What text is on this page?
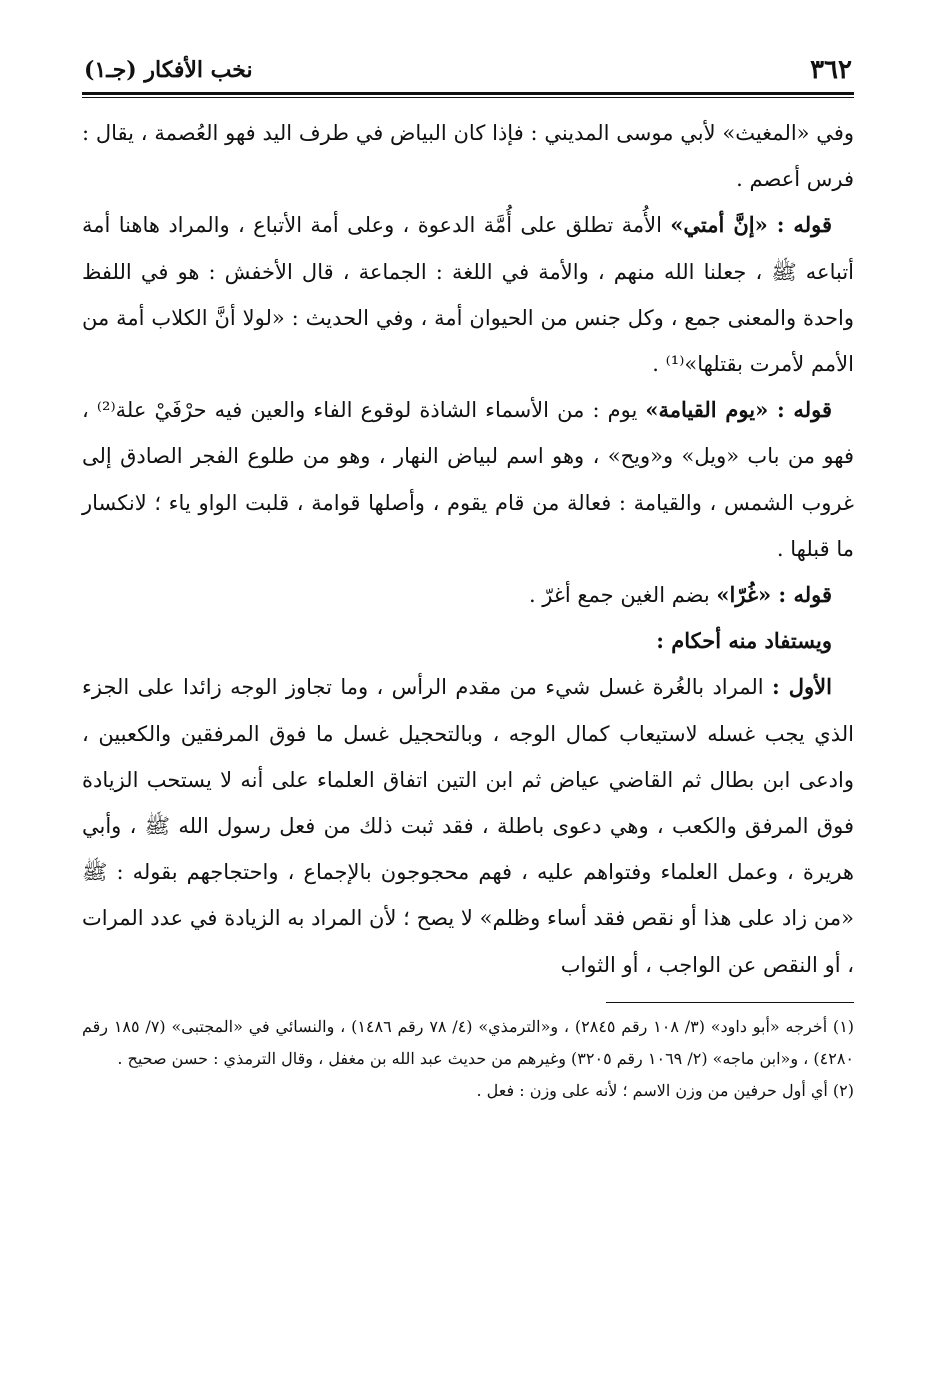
٣٦٢
نخب الأفكار (جـ١)

وفي «المغيث» لأبي موسى المديني : فإذا كان البياض في طرف اليد فهو العُصمة ، يقال : فرس أعصم .

قوله : «إنَّ أمتي» الأُمة تطلق على أُمَّة الدعوة ، وعلى أمة الأتباع ، والمراد هاهنا أمة أتباعه ﷺ ، جعلنا الله منهم ، والأمة في اللغة : الجماعة ، قال الأخفش : هو في اللفظ واحدة والمعنى جمع ، وكل جنس من الحيوان أمة ، وفي الحديث : «لولا أنَّ الكلاب أمة من الأمم لأمرت بقتلها»⁽¹⁾ .

قوله : «يوم القيامة» يوم : من الأسماء الشاذة لوقوع الفاء والعين فيه حرْفَيْ علة⁽²⁾ ، فهو من باب «ويل» و«ويح» ، وهو اسم لبياض النهار ، وهو من طلوع الفجر الصادق إلى غروب الشمس ، والقيامة : فعالة من قام يقوم ، وأصلها قوامة ، قلبت الواو ياء ؛ لانكسار ما قبلها .

قوله : «غُرّا» بضم الغين جمع أغرّ .

ويستفاد منه أحكام :

الأول : المراد بالغُرة غسل شيء من مقدم الرأس ، وما تجاوز الوجه زائدا على الجزء الذي يجب غسله لاستيعاب كمال الوجه ، وبالتحجيل غسل ما فوق المرفقين والكعبين ، وادعى ابن بطال ثم القاضي عياض ثم ابن التين اتفاق العلماء على أنه لا يستحب الزيادة فوق المرفق والكعب ، وهي دعوى باطلة ، فقد ثبت ذلك من فعل رسول الله ﷺ ، وأبي هريرة ، وعمل العلماء وفتواهم عليه ، فهم محجوجون بالإجماع ، واحتجاجهم بقوله : ﷺ «من زاد على هذا أو نقص فقد أساء وظلم» لا يصح ؛ لأن المراد به الزيادة في عدد المرات ، أو النقص عن الواجب ، أو الثواب

(١) أخرجه «أبو داود» (٣/ ١٠٨ رقم ٢٨٤٥) ، و«الترمذي» (٤/ ٧٨ رقم ١٤٨٦) ، والنسائي في «المجتبى» (٧/ ١٨٥ رقم ٤٢٨٠) ، و«ابن ماجه» (٢/ ١٠٦٩ رقم ٣٢٠٥) وغيرهم من حديث عبد الله بن مغفل ، وقال الترمذي : حسن صحيح .

(٢) أي أول حرفين من وزن الاسم ؛ لأنه على وزن : فعل .
